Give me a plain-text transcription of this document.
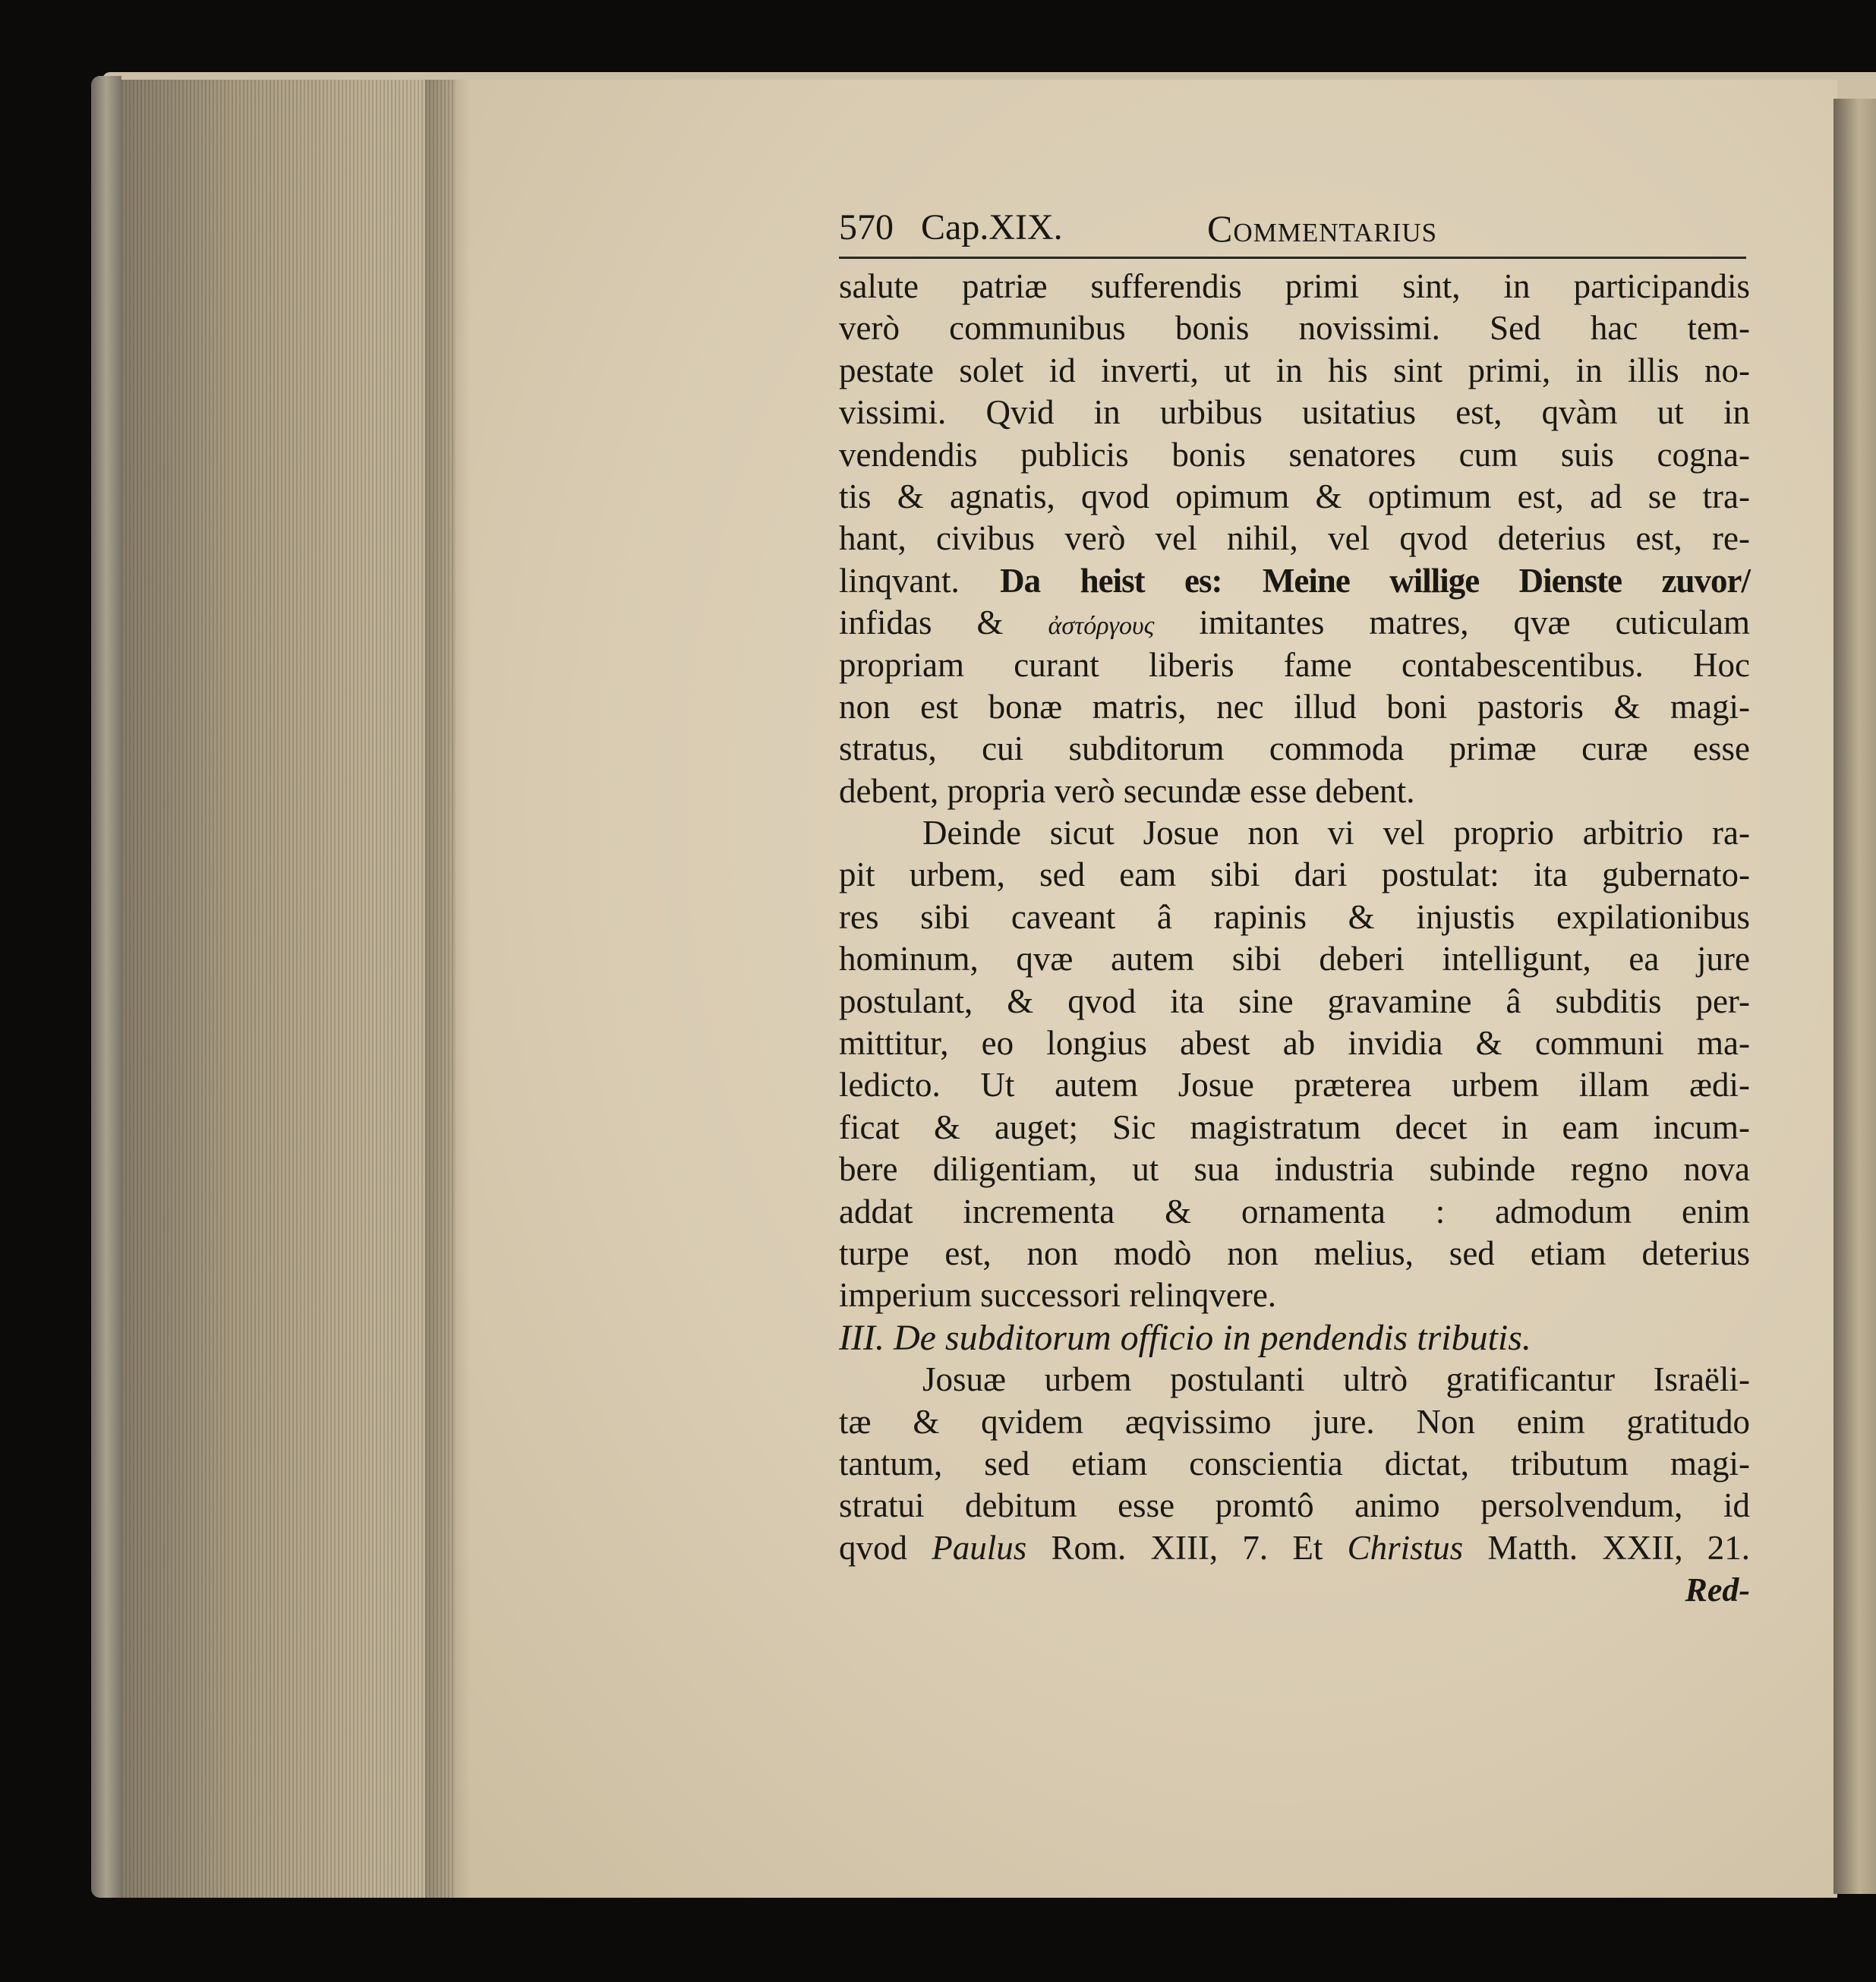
570 Cap.XIX.	Commentarius
salute patriæ sufferendis primi sint, in participandis
verò communibus bonis novissimi. Sed hac tem-
pestate solet id inverti, ut in his sint primi, in illis no-
vissimi. Qvid in urbibus usitatius est, qvàm ut in
vendendis publicis bonis senatores cum suis cogna-
tis & agnatis, qvod opimum & optimum est, ad se tra-
hant, civibus verò vel nihil, vel qvod deterius est, re-
linqvant. Da heist es: Meine willige Dienste zuvor/
infidas & ἀστόργους imitantes matres, qvæ cuticulam
propriam curant liberis fame contabescentibus. Hoc
non est bonæ matris, nec illud boni pastoris & magi-
stratus, cui subditorum commoda primæ curæ esse
debent, propria verò secundæ esse debent.
Deinde sicut Josue non vi vel proprio arbitrio ra-
pit urbem, sed eam sibi dari postulat: ita gubernato-
res sibi caveant â rapinis & injustis expilationibus
hominum, qvæ autem sibi deberi intelligunt, ea jure
postulant, & qvod ita sine gravamine â subditis per-
mittitur, eo longius abest ab invidia & communi ma-
ledicto. Ut autem Josue præterea urbem illam ædi-
ficat & auget; Sic magistratum decet in eam incum-
bere diligentiam, ut sua industria subinde regno nova
addat incrementa & ornamenta : admodum enim
turpe est, non modò non melius, sed etiam deterius
imperium successori relinqvere.
III. De subditorum officio in pendendis tributis.
Josuæ urbem postulanti ultrò gratificantur Israëli-
tæ & qvidem æqvissimo jure. Non enim gratitudo
tantum, sed etiam conscientia dictat, tributum magi-
stratui debitum esse promtô animo persolvendum, id
qvod Paulus Rom. XIII, 7. Et Christus Matth. XXII, 21.
Red-
